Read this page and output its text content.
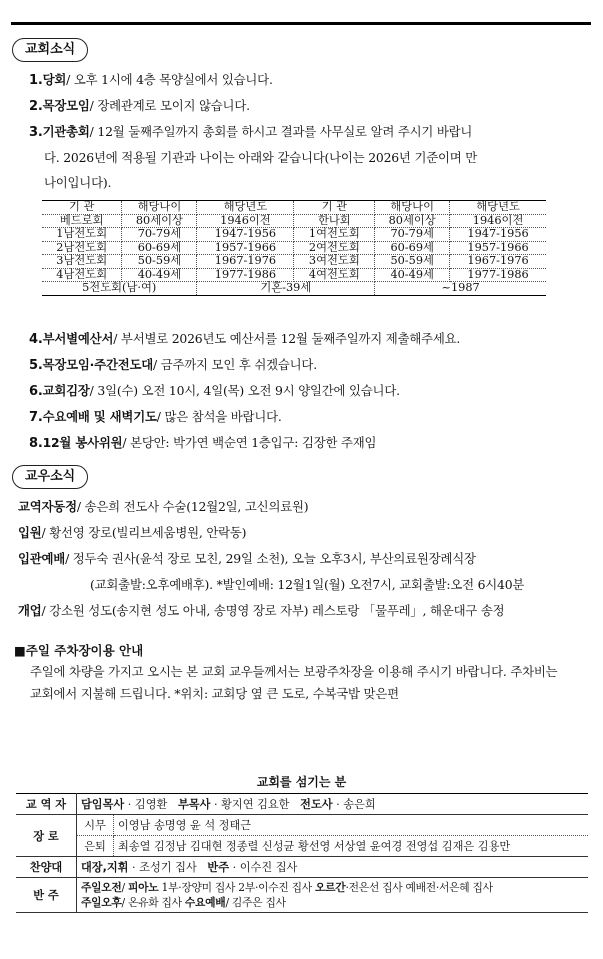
교회소식
1.당회/ 오후 1시에 4층 목양실에서 있습니다.
2.목장모임/ 장례관계로 모이지 않습니다.
3.기관총회/ 12월 둘째주일까지 총회를 하시고 결과를 사무실로 알려 주시기 바랍니
다. 2026년에 적용될 기관과 나이는 아래와 같습니다(나이는 2026년 기준이며 만
나이입니다).
기 관	해당나이	해당년도	기 관	해당나이	해당년도
베드로회	80세이상	1946이전	한나회	80세이상	1946이전
1남전도회	70-79세	1947-1956	1여전도회	70-79세	1947-1956
2남전도회	60-69세	1957-1966	2여전도회	60-69세	1957-1966
3남전도회	50-59세	1967-1976	3여전도회	50-59세	1967-1976
4남전도회	40-49세	1977-1986	4여전도회	40-49세	1977-1986
5전도회(남·여)		기혼-39세		~1987	
4.부서별예산서/ 부서별로 2026년도 예산서를 12월 둘째주일까지 제출해주세요.
5.목장모임·주간전도대/ 금주까지 모인 후 쉬겠습니다.
6.교회김장/ 3일(수) 오전 10시, 4일(목) 오전 9시 양일간에 있습니다.
7.수요예배 및 새벽기도/ 많은 참석을 바랍니다.
8.12월 봉사위원/ 본당안: 박가연 백순연 1층입구: 김장한 주재임
교우소식
교역자동정/ 송은희 전도사 수술(12월2일, 고신의료원)
입원/ 황선영 장로(빌리브세움병원, 안락동)
입관예배/ 정두숙 권사(윤석 장로 모친, 29일 소천), 오늘 오후3시, 부산의료원장례식장
(교회출발:오후예배후). *발인예배: 12월1일(월) 오전7시, 교회출발:오전 6시40분
개업/ 강소원 성도(송지현 성도 아내, 송명영 장로 자부) 레스토랑 「물푸레」, 해운대구 송정
■주일 주차장이용 안내
주일에 차량을 가지고 오시는 본 교회 교우들께서는 보광주차장을 이용해 주시기 바랍니다. 주차비는 교회에서 지불해 드립니다. *위치: 교회당 옆 큰 도로, 수복국밥 맞은편
교회를 섬기는 분
교 역 자	담임목사 · 김영환 부목사 · 황지연 김요한 전도사 · 송은희	
장 로	시무	이영남 송명영 윤 석 정태근
	은퇴	최송열 김정남 김대현 정종렬 신성균 황선영 서상열 윤여경 전영섭 김재은 김용만
찬양대	대장,지휘 · 조성기 집사 반주 · 이수진 집사	
반 주	주일오전/ 피아노 1부·장양미 집사 2부·이수진 집사 오르간·전은선 집사 예배전·서은혜 집사
주일오후/ 온유화 집사 수요예배/ 김주은 집사	
